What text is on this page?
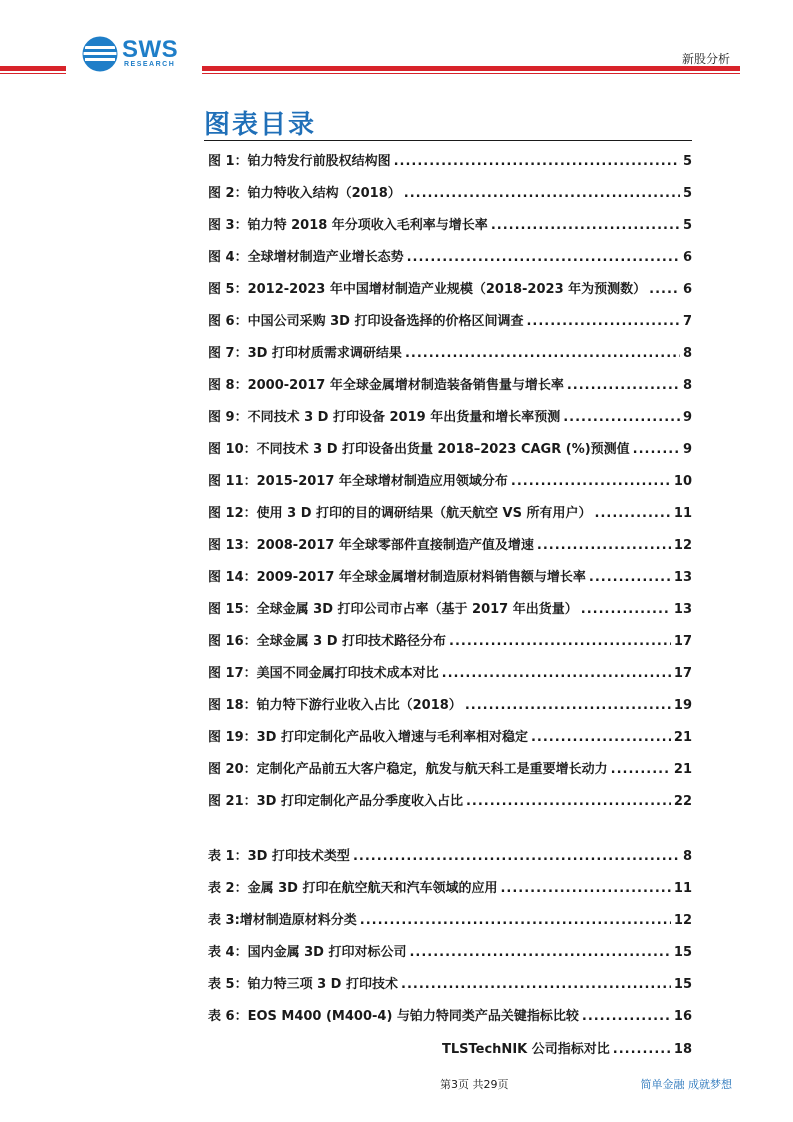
SWS
RESEARCH	新股分析
图表目录
图 1：铂力特发行前股权结构图 .....	5
图 2：铂力特收入结构（2018） .....	5
图 3：铂力特 2018 年分项收入毛利率与增长率 .....	5
图 4：全球增材制造产业增长态势 .....	6
图 5：2012-2023 年中国增材制造产业规模（2018-2023 年为预测数） .....	6
图 6：中国公司采购 3D 打印设备选择的价格区间调查 .....	7
图 7：3D 打印材质需求调研结果 .....	8
图 8：2000-2017 年全球金属增材制造装备销售量与增长率 .....	8
图 9：不同技术 3 D 打印设备 2019 年出货量和增长率预测 .....	9
图 10：不同技术 3 D 打印设备出货量 2018–2023 CAGR (%)预测值 .....	9
图 11：2015-2017 年全球增材制造应用领域分布 .....	10
图 12：使用 3 D 打印的目的调研结果（航天航空 VS 所有用户） .....	11
图 13：2008-2017 年全球零部件直接制造产值及增速 .....	12
图 14：2009-2017 年全球金属增材制造原材料销售额与增长率 .....	13
图 15：全球金属 3D 打印公司市占率（基于 2017 年出货量） .....	13
图 16：全球金属 3 D 打印技术路径分布 .....	17
图 17：美国不同金属打印技术成本对比 .....	17
图 18：铂力特下游行业收入占比（2018） .....	19
图 19：3D 打印定制化产品收入增速与毛利率相对稳定 .....	21
图 20：定制化产品前五大客户稳定，航发与航天科工是重要增长动力 .....	21
图 21：3D 打印定制化产品分季度收入占比 .....	22
表 1：3D 打印技术类型 .....	8
表 2：金属 3D 打印在航空航天和汽车领域的应用 .....	11
表 3:增材制造原材料分类 .....	12
表 4：国内金属 3D 打印对标公司 .....	15
表 5：铂力特三项 3 D 打印技术 .....	15
表 6：EOS M400 (M400-4) 与铂力特同类产品关键指标比较 .....	16
TLSTechNIK 公司指标对比 .....	18
第3页 共29页	简单金融 成就梦想
